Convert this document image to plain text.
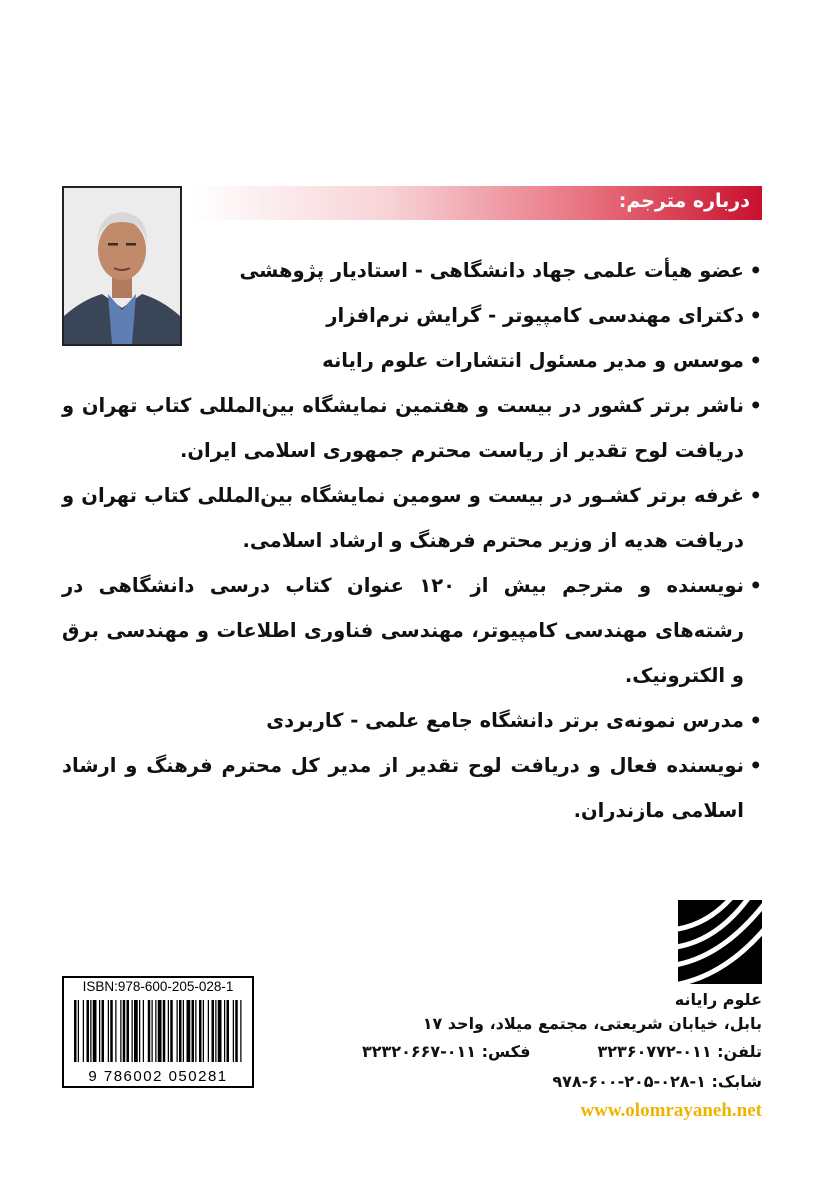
درباره مترجم:
•
عضو هیأت علمی جهاد دانشگاهی - استادیار پژوهشی
•
دکترای مهندسی کامپیوتر - گرایش نرم‌افزار
•
موسس و مدیر مسئول انتشارات علوم رایانه
•
ناشر برتر کشور در بیست و هفتمین نمایشگاه بین‌المللی کتاب تهران و دریافت لوح تقدیر از ریاست محترم جمهوری اسلامی ایران.
•
غرفه برتر کشـور در بیست و سومین نمایشگاه بین‌المللی کتاب تهران و دریافت هدیه از وزیر محترم فرهنگ و ارشاد اسلامی.
•
نویسنده و مترجم بیش از ۱۲۰ عنوان کتاب درسی دانشگاهی در رشته‌های مهندسی کامپیوتر، مهندسی فناوری اطلاعات و مهندسی برق و الکترونیک.
•
مدرس نمونه‌ی برتر دانشگاه جامع علمی - کاربردی
•
نویسنده فعال و دریافت لوح تقدیر از مدیر کل محترم فرهنگ و ارشاد اسلامی مازندران.
ISBN:978-600-205-028-1
9 786002 050281
علوم رایانه
بابل، خیابان شریعتی، مجتمع میلاد، واحد ۱۷
تلفن: ۰۱۱-۳۲۳۶۰۷۷۲
فکس: ۰۱۱-۳۲۳۲۰۶۶۷
شابک: ۱-۰۲۸-۲۰۵-۶۰۰-۹۷۸
www.olomrayaneh.net
